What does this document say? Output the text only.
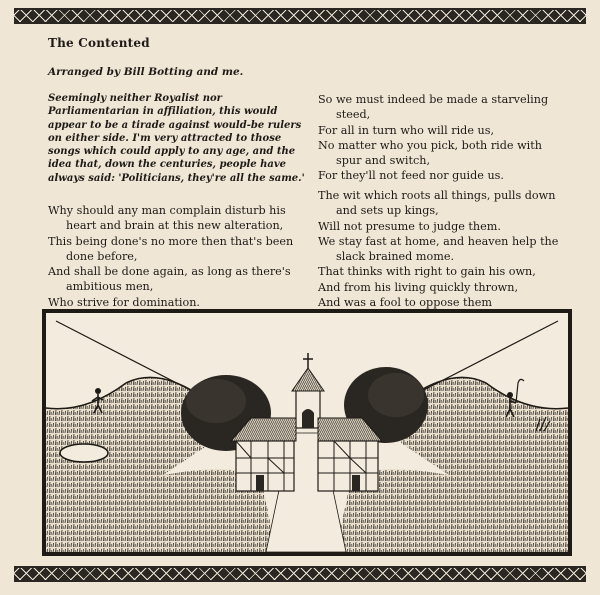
The Contented
Arranged by Bill Botting and me.
Seemingly neither Royalist nor Parliamentarian in affiliation, this would appear to be a tirade against would-be rulers on either side. I'm very attracted to those songs which could apply to any age, and the idea that, down the centuries, people have always said: 'Politicians, they're all the same.'
Why should any man complain disturb his
heart and brain at this new alteration,
This being done's no more then that's been
done before,
And shall be done again, as long as there's
ambitious men,
Who strive for domination.
So we must indeed be made a starveling
steed,
For all in turn who will ride us,
No matter who you pick, both ride with
spur and switch,
For they'll not feed nor guide us.
The wit which roots all things, pulls down
and sets up kings,
Will not presume to judge them.
We stay fast at home, and heaven help the
slack brained mome.
That thinks with right to gain his own,
And from his living quickly thrown,
And was a fool to oppose them
